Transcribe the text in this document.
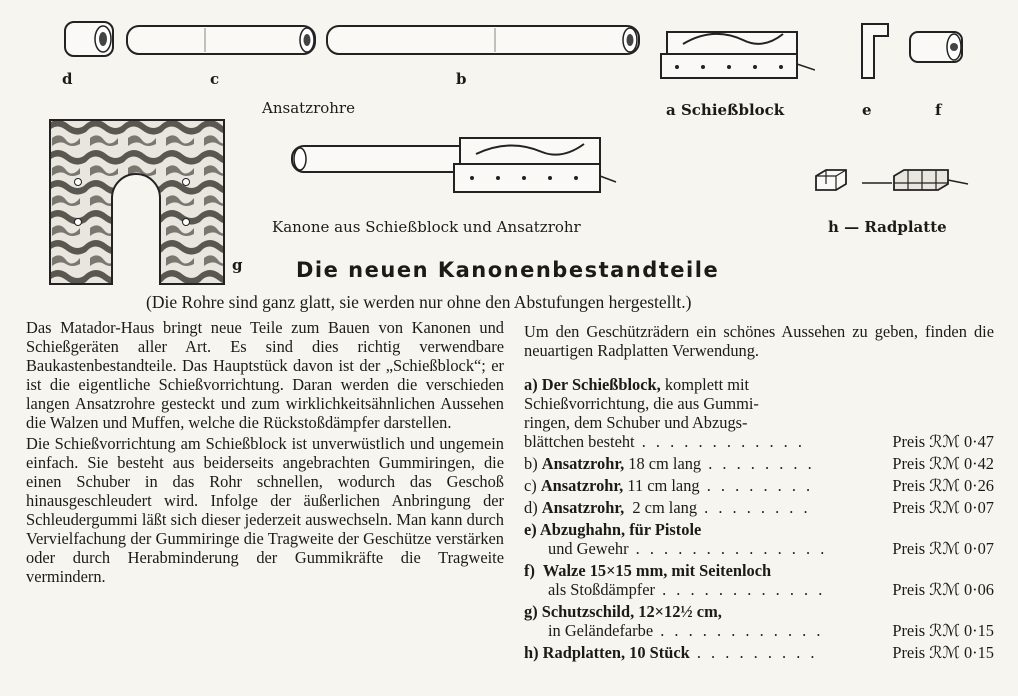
d	c	b
Ansatzrohre	a Schießblock	e	f
g
Kanone aus Schießblock und Ansatzrohr	h — Radplatte
Die neuen Kanonenbestandteile
(Die Rohre sind ganz glatt, sie werden nur ohne den Abstufungen hergestellt.)

Das Matador-Haus bringt neue Teile zum Bauen von Kanonen und Schießgeräten aller Art. Es sind dies richtig verwendbare Baukastenbestandteile. Das Hauptstück davon ist der „Schießblock“; er ist die eigentliche Schießvorrichtung. Daran werden die verschieden langen Ansatzrohre gesteckt und zum wirklichkeitsähnlichen Aussehen die Walzen und Muffen, welche die Rückstoßdämpfer darstellen.

Die Schießvorrichtung am Schießblock ist unverwüstlich und ungemein einfach. Sie besteht aus beiderseits angebrachten Gummiringen, die einen Schuber in das Rohr schnellen, wodurch das Geschoß hinausgeschleudert wird. Infolge der äußerlichen Anbringung der Schleudergummi läßt sich dieser jederzeit auswechseln. Man kann durch Vervielfachung der Gummiringe die Tragweite der Geschütze verstärken oder durch Herabminderung der Gummikräfte die Tragweite vermindern.

Um den Geschützrädern ein schönes Aussehen zu geben, finden die neuartigen Radplatten Verwendung.

a) Der Schießblock, komplett mit
Schießvorrichtung, die aus Gummi-
ringen, dem Schuber und Abzugs-
blättchen besteht . . . . . . . . . . . .	Preis ℛℳ 0·47
b) Ansatzrohr, 18 cm lang . . . . . . . .	Preis ℛℳ 0·42
c) Ansatzrohr, 11 cm lang . . . . . . . .	Preis ℛℳ 0·26
d) Ansatzrohr,  2 cm lang . . . . . . . .	Preis ℛℳ 0·07
e) Abzughahn, für Pistole
und Gewehr . . . . . . . . . . . . . .	Preis ℛℳ 0·07
f)  Walze 15×15 mm, mit Seitenloch
als Stoßdämpfer . . . . . . . . . . . .	Preis ℛℳ 0·06
g) Schutzschild, 12×12½ cm,
in Geländefarbe . . . . . . . . . . . .	Preis ℛℳ 0·15
h) Radplatten, 10 Stück . . . . . . . . .	Preis ℛℳ 0·15
